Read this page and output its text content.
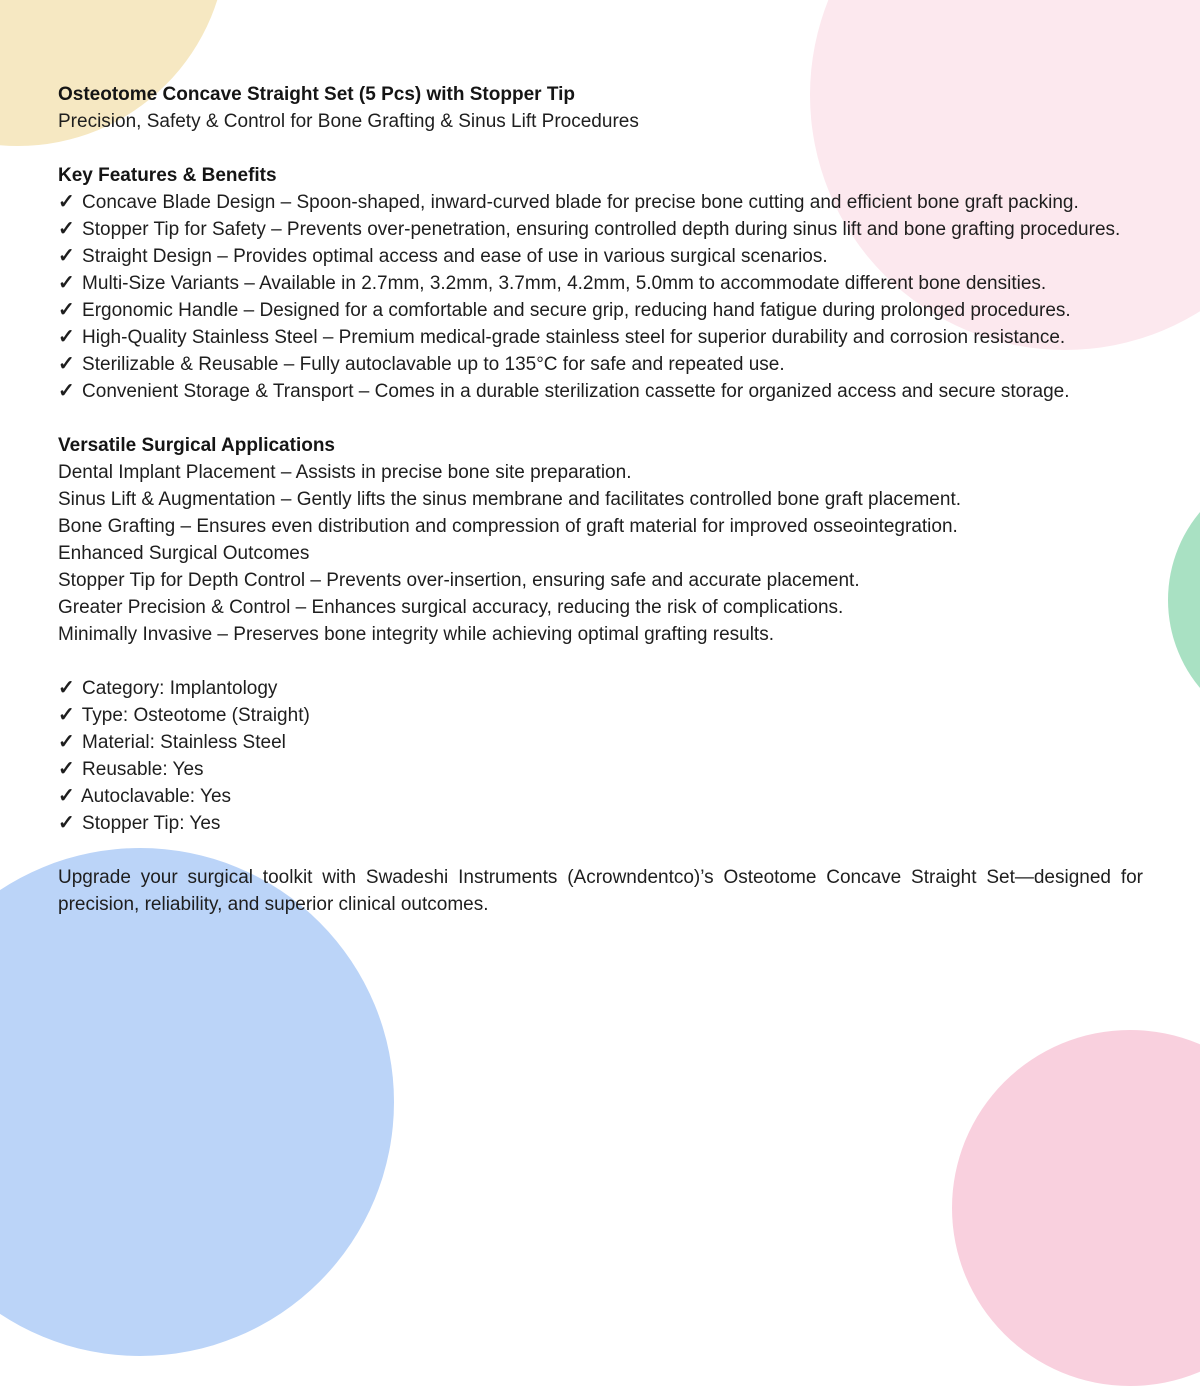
Osteotome Concave Straight Set (5 Pcs) with Stopper Tip

Precision, Safety & Control for Bone Grafting & Sinus Lift Procedures

Key Features & Benefits

✓ Concave Blade Design – Spoon-shaped, inward-curved blade for precise bone cutting and efficient bone graft packing.

✓ Stopper Tip for Safety – Prevents over-penetration, ensuring controlled depth during sinus lift and bone grafting procedures.

✓ Straight Design – Provides optimal access and ease of use in various surgical scenarios.

✓ Multi-Size Variants – Available in 2.7mm, 3.2mm, 3.7mm, 4.2mm, 5.0mm to accommodate different bone densities.

✓ Ergonomic Handle – Designed for a comfortable and secure grip, reducing hand fatigue during prolonged procedures.

✓ High-Quality Stainless Steel – Premium medical-grade stainless steel for superior durability and corrosion resistance.

✓ Sterilizable & Reusable – Fully autoclavable up to 135°C for safe and repeated use.

✓ Convenient Storage & Transport – Comes in a durable sterilization cassette for organized access and secure storage.

Versatile Surgical Applications

Dental Implant Placement – Assists in precise bone site preparation.

Sinus Lift & Augmentation – Gently lifts the sinus membrane and facilitates controlled bone graft placement.

Bone Grafting – Ensures even distribution and compression of graft material for improved osseointegration.

Enhanced Surgical Outcomes

Stopper Tip for Depth Control – Prevents over-insertion, ensuring safe and accurate placement.

Greater Precision & Control – Enhances surgical accuracy, reducing the risk of complications.

Minimally Invasive – Preserves bone integrity while achieving optimal grafting results.

✓ Category: Implantology

✓ Type: Osteotome (Straight)

✓ Material: Stainless Steel

✓ Reusable: Yes

✓ Autoclavable: Yes

✓ Stopper Tip: Yes

Upgrade your surgical toolkit with Swadeshi Instruments (Acrowndentco)’s Osteotome Concave Straight Set—designed for precision, reliability, and superior clinical outcomes.
